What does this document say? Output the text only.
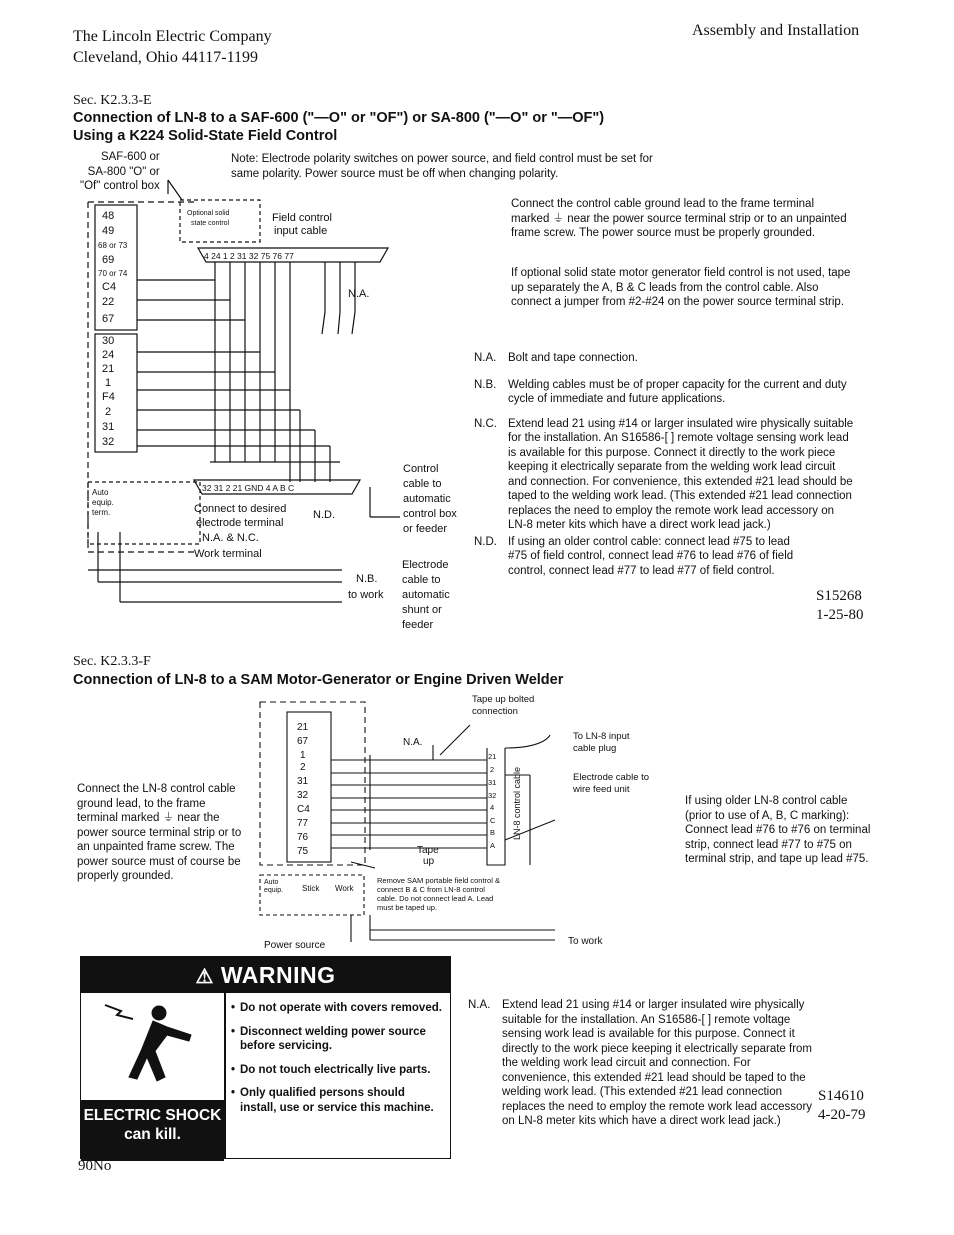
The Lincoln Electric Company
Cleveland, Ohio 44117-1199
Assembly and Installation
Sec. K2.3.3-E
Connection of LN-8 to a SAF-600 ("—O" or "OF") or SA-800 ("—O" or "—OF")
Using a K224 Solid-State Field Control
SAF-600 or
SA-800 "O" or
"Of" control box
Note: Electrode polarity switches on power source, and field control must be set for
same polarity. Power source must be off when changing polarity.
48
49
68 or 73
69
70 or 74
C4
22
67
30
24
21
1
F4
2
31
32
Optional solid
state control	Field control
input cable
4 24 1 2 31 32 75 76 77
N.A.
32 31 2 21 GND 4 A B C
N.D.
Auto
equip.
term.	Connect to desired
electrode terminal
N.A. & N.C.
Work terminal
Control
cable to
automatic
control box
or feeder
Electrode
cable to
automatic
shunt or
feeder
N.B.
to work
Connect the control cable ground lead to the frame terminal marked ⏚ near the power source terminal strip or to an unpainted frame screw. The power source must be properly grounded.
If optional solid state motor generator field control is not used, tape up separately the A, B & C leads from the control cable. Also connect a jumper from #2-#24 on the power source terminal strip.
N.A.	Bolt and tape connection.
N.B.	Welding cables must be of proper capacity for the current and duty cycle of immediate and future applications.
N.C. Extend lead 21 using #14 or larger insulated wire physically suitable for the installation. An S16586-[ ] remote voltage sensing work lead is available for this purpose. Connect it directly to the work piece keeping it electrically separate from the welding work lead circuit and connection. For convenience, this extended #21 lead should be taped to the welding work lead. (This extended #21 lead connection replaces the need to employ the remote work lead accessory on LN-8 meter kits which have a direct work lead jack.)
N.D. If using an older control cable: connect lead #75 to lead #75 of field control, connect lead #76 to lead #76 of field control, connect lead #77 to lead #77 of field control.
S15268
1-25-80
Sec. K2.3.3-F
Connection of LN-8 to a SAM Motor-Generator or Engine Driven Welder
Connect the LN-8 control cable ground lead, to the frame terminal marked ⏚ near the power source terminal strip or to an unpainted frame screw. The power source must of course be properly grounded.
If using older LN-8 control cable (prior to use of A, B, C marking): Connect lead #76 to #76 on terminal strip, connect lead #77 to #75 on terminal strip, and tape up lead #75.
21
67
1
2
31
32
C4
77
76
75
21
2
31
32
4
C
B
A
Tape up bolted
connection
N.A.
To LN-8 input
cable plug
LN-8 control cable	Electrode cable to
wire feed unit
Tape
up
Remove SAM portable field control &
connect B & C from LN-8 control
cable. Do not connect lead A. Lead
must be taped up.
Auto
equip. Stick Work
Power source	To work
⚠ WARNING
ELECTRIC SHOCK
can kill.
• Do not operate with covers removed.
• Disconnect welding power source before servicing.
• Do not touch electrically live parts.
• Only qualified persons should install, use or service this machine.
N.A.	Extend lead 21 using #14 or larger insulated wire physically suitable for the installation. An S16586-[ ] remote voltage sensing work lead is available for this purpose. Connect it directly to the work piece keeping it electrically separate from the welding work lead circuit and connection. For convenience, this extended #21 lead should be taped to the welding work lead. (This extended #21 lead connection replaces the need to employ the remote work lead accessory on LN-8 meter kits which have a direct work lead jack.)
S14610
4-20-79
90No
